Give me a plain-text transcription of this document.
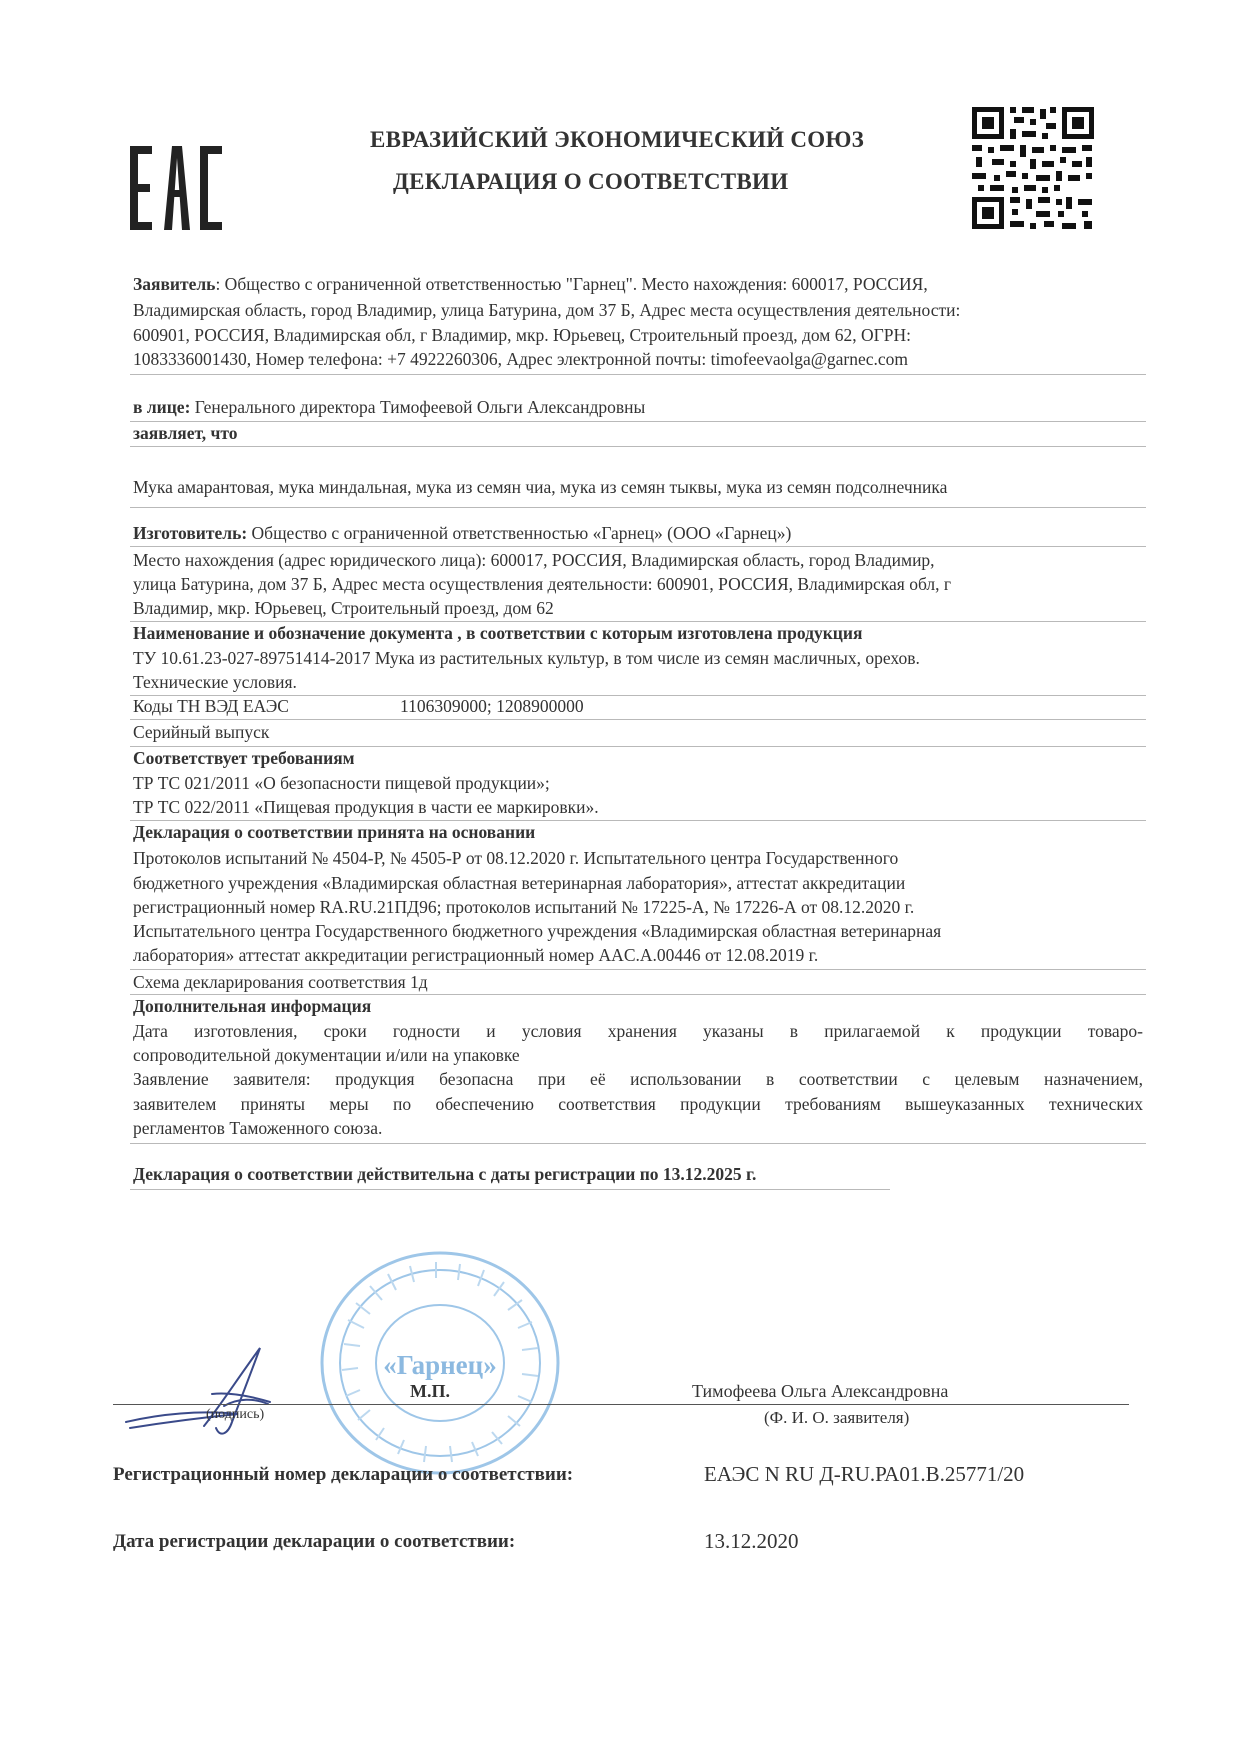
ЕВРАЗИЙСКИЙ ЭКОНОМИЧЕСКИЙ СОЮЗ
ДЕКЛАРАЦИЯ О СООТВЕТСТВИИ
Заявитель: Общество с ограниченной ответственностью "Гарнец". Место нахождения: 600017, РОССИЯ,
Владимирская область, город Владимир, улица Батурина, дом 37 Б, Адрес места осуществления деятельности:
600901, РОССИЯ, Владимирская обл, г Владимир, мкр. Юрьевец, Строительный проезд, дом 62, ОГРН:
1083336001430, Номер телефона: +7 4922260306, Адрес электронной почты: timofeevaolga@garnec.com
в лице: Генерального директора Тимофеевой Ольги Александровны
заявляет, что
Мука амарантовая, мука миндальная, мука из семян чиа, мука из семян тыквы, мука из семян подсолнечника
Изготовитель: Общество с ограниченной ответственностью «Гарнец» (ООО «Гарнец»)
Место нахождения (адрес юридического лица): 600017, РОССИЯ, Владимирская область, город Владимир,
улица Батурина, дом 37 Б, Адрес места осуществления деятельности: 600901, РОССИЯ, Владимирская обл, г
Владимир, мкр. Юрьевец, Строительный проезд, дом 62
Наименование и обозначение документа , в соответствии с которым изготовлена продукция
ТУ 10.61.23-027-89751414-2017 Мука из растительных культур, в том числе из семян масличных, орехов.
Технические условия.
Коды ТН ВЭД ЕАЭС	1106309000; 1208900000
Серийный выпуск
Соответствует требованиям
ТР ТС 021/2011 «О безопасности пищевой продукции»;
ТР ТС 022/2011 «Пищевая продукция в части ее маркировки».
Декларация о соответствии принята на основании
Протоколов испытаний № 4504-Р, № 4505-Р от 08.12.2020 г. Испытательного центра Государственного
бюджетного учреждения «Владимирская областная ветеринарная лаборатория», аттестат аккредитации
регистрационный номер RA.RU.21ПД96; протоколов испытаний № 17225-А, № 17226-А от 08.12.2020 г.
Испытательного центра Государственного бюджетного учреждения «Владимирская областная ветеринарная
лаборатория» аттестат аккредитации регистрационный номер AAC.A.00446 от 12.08.2019 г.
Схема декларирования соответствия 1д
Дополнительная информация
Дата изготовления, сроки годности и условия хранения указаны в прилагаемой к продукции товаро-
сопроводительной документации и/или на упаковке
Заявление заявителя: продукция безопасна при её использовании в соответствии с целевым назначением,
заявителем приняты меры по обеспечению соответствия продукции требованиям вышеуказанных технических
регламентов Таможенного союза.
Декларация о соответствии действительна с даты регистрации по 13.12.2025 г.
«Гарнец»
М.П.	Тимофеева Ольга Александровна
(подпись)	(Ф. И. О. заявителя)
Регистрационный номер декларации о соответствии:	ЕАЭС N RU Д-RU.РА01.В.25771/20
Дата регистрации декларации о соответствии:	13.12.2020
